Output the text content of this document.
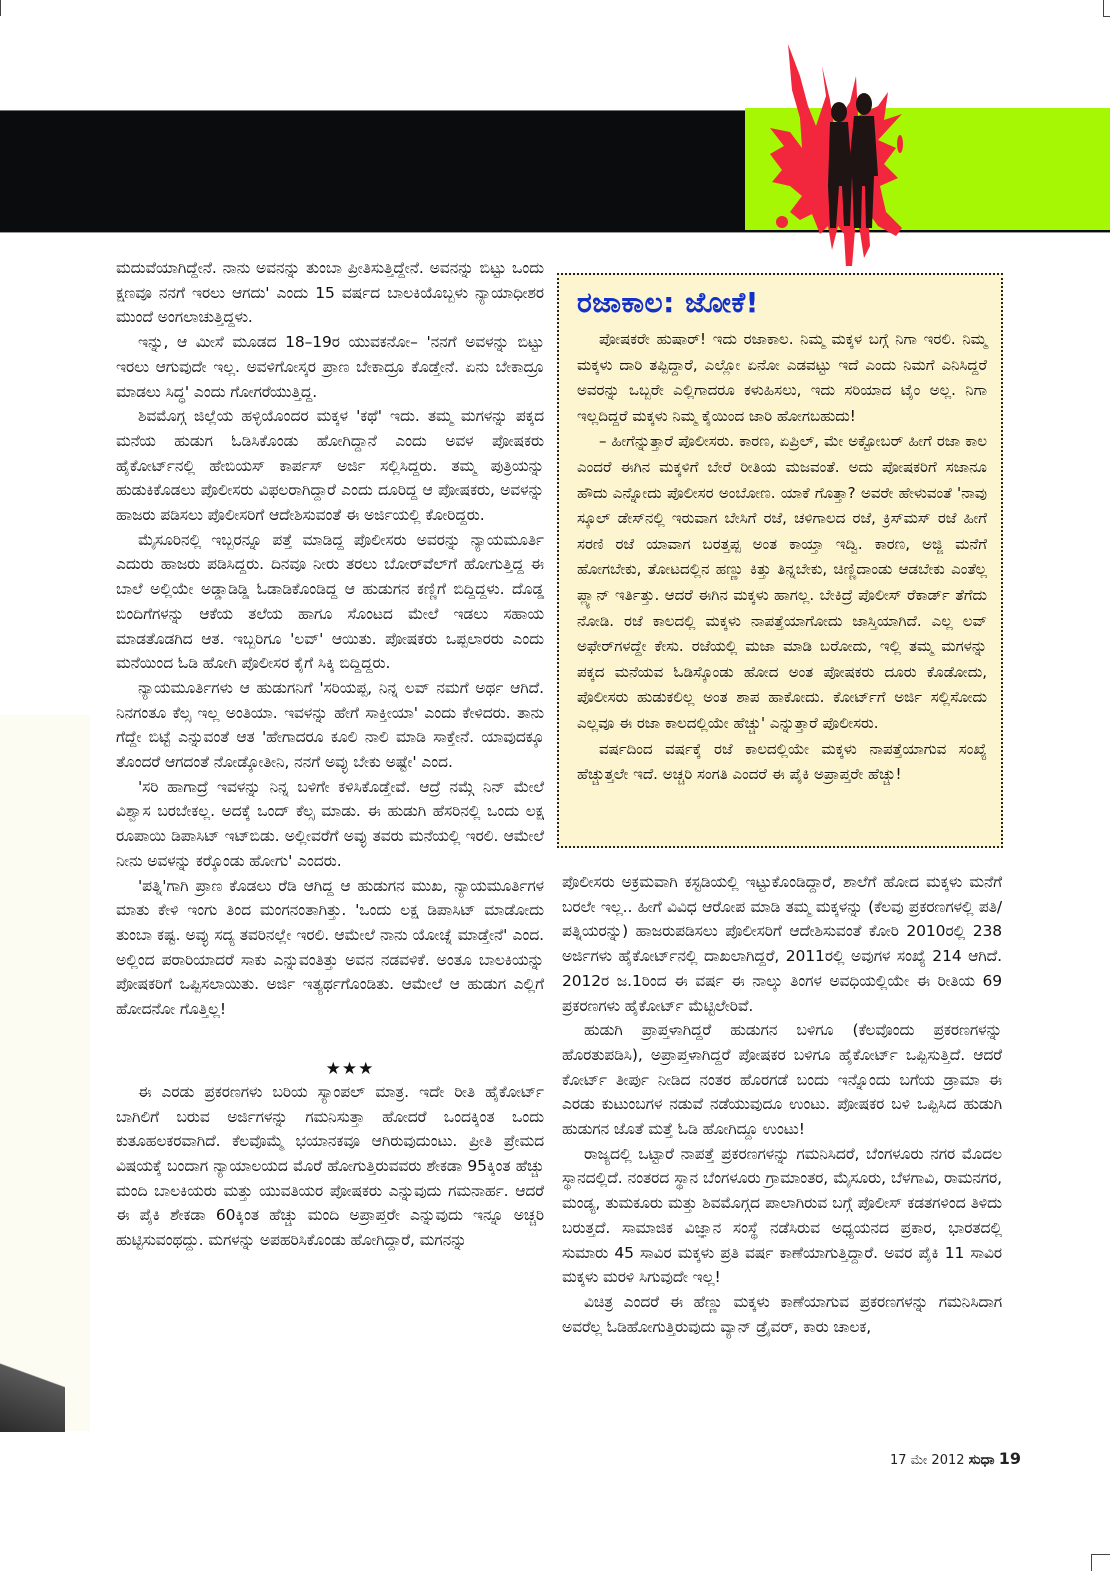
ಮದುವೆಯಾಗಿದ್ದೇನೆ. ನಾನು ಅವನನ್ನು ತುಂಬಾ ಪ್ರೀತಿಸುತ್ತಿದ್ದೇನೆ. ಅವನನ್ನು ಬಿಟ್ಟು ಒಂದು ಕ್ಷಣವೂ ನನಗೆ ಇರಲು ಆಗದು' ಎಂದು 15 ವರ್ಷದ ಬಾಲಕಿಯೊಬ್ಬಳು ನ್ಯಾಯಾಧೀಶರ ಮುಂದೆ ಅಂಗಲಾಚುತ್ತಿದ್ದಳು.

ಇನ್ನು, ಆ ಮೀಸೆ ಮೂಡದ 18–19ರ ಯುವಕನೋ– 'ನನಗೆ ಅವಳನ್ನು ಬಿಟ್ಟು ಇರಲು ಆಗುವುದೇ ಇಲ್ಲ. ಅವಳಿಗೋಸ್ಕರ ಪ್ರಾಣ ಬೇಕಾದ್ರೂ ಕೊಡ್ತೇನೆ. ಏನು ಬೇಕಾದ್ರೂ ಮಾಡಲು ಸಿದ್ಧ' ಎಂದು ಗೋಗರೆಯುತ್ತಿದ್ದ.

ಶಿವಮೊಗ್ಗ ಜಿಲ್ಲೆಯ ಹಳ್ಳಿಯೊಂದರ ಮಕ್ಕಳ 'ಕಥೆ' ಇದು. ತಮ್ಮ ಮಗಳನ್ನು ಪಕ್ಕದ ಮನೆಯ ಹುಡುಗ ಓಡಿಸಿಕೊಂಡು ಹೋಗಿದ್ದಾನೆ ಎಂದು ಅವಳ ಪೋಷಕರು ಹೈಕೋರ್ಟ್‌ನಲ್ಲಿ ಹೇಬಿಯಸ್ ಕಾರ್ಪಸ್ ಅರ್ಜಿ ಸಲ್ಲಿಸಿದ್ದರು. ತಮ್ಮ ಪುತ್ರಿಯನ್ನು ಹುಡುಕಿಕೊಡಲು ಪೊಲೀಸರು ವಿಫಲರಾಗಿದ್ದಾರೆ ಎಂದು ದೂರಿದ್ದ ಆ ಪೋಷಕರು, ಅವಳನ್ನು ಹಾಜರು ಪಡಿಸಲು ಪೊಲೀಸರಿಗೆ ಆದೇಶಿಸುವಂತೆ ಈ ಅರ್ಜಿಯಲ್ಲಿ ಕೋರಿದ್ದರು.

ಮೈಸೂರಿನಲ್ಲಿ ಇಬ್ಬರನ್ನೂ ಪತ್ತೆ ಮಾಡಿದ್ದ ಪೊಲೀಸರು ಅವರನ್ನು ನ್ಯಾಯಮೂರ್ತಿ ಎದುರು ಹಾಜರು ಪಡಿಸಿದ್ದರು. ದಿನವೂ ನೀರು ತರಲು ಬೋರ್‌ವೆಲ್‌ಗೆ ಹೋಗುತ್ತಿದ್ದ ಈ ಬಾಲೆ ಅಲ್ಲಿಯೇ ಅಡ್ಡಾಡಿಡ್ಡಿ ಓಡಾಡಿಕೊಂಡಿದ್ದ ಆ ಹುಡುಗನ ಕಣ್ಣಿಗೆ ಬಿದ್ದಿದ್ದಳು. ದೊಡ್ಡ ಬಿಂದಿಗೆಗಳನ್ನು ಆಕೆಯ ತಲೆಯ ಹಾಗೂ ಸೊಂಟದ ಮೇಲೆ ಇಡಲು ಸಹಾಯ ಮಾಡತೊಡಗಿದ ಆತ. ಇಬ್ಬರಿಗೂ 'ಲವ್' ಆಯಿತು. ಪೋಷಕರು ಒಪ್ಪಲಾರರು ಎಂದು ಮನೆಯಿಂದ ಓಡಿ ಹೋಗಿ ಪೊಲೀಸರ ಕೈಗೆ ಸಿಕ್ಕಿ ಬಿದ್ದಿದ್ದರು.

ನ್ಯಾಯಮೂರ್ತಿಗಳು ಆ ಹುಡುಗನಿಗೆ 'ಸರಿಯಪ್ಪ, ನಿನ್ನ ಲವ್ ನಮಗೆ ಅರ್ಥ ಆಗಿದೆ. ನಿನಗಂತೂ ಕೆಲ್ಸ ಇಲ್ಲ ಅಂತಿಯಾ. ಇವಳನ್ನು ಹೇಗೆ ಸಾಕ್ತೀಯಾ' ಎಂದು ಕೇಳಿದರು. ತಾನು ಗೆದ್ದೇ ಬಿಟ್ಟೆ ಎನ್ನುವಂತೆ ಆತ 'ಹೇಗಾದರೂ ಕೂಲಿ ನಾಲಿ ಮಾಡಿ ಸಾಕ್ತೇನೆ. ಯಾವುದಕ್ಕೂ ತೊಂದರೆ ಆಗದಂತೆ ನೋಡ್ಕೋತೀನಿ, ನನಗೆ ಅವ್ಳು ಬೇಕು ಅಷ್ಟೇ' ಎಂದ.

'ಸರಿ ಹಾಗಾದ್ರೆ ಇವಳನ್ನು ನಿನ್ನ ಬಳಿಗೇ ಕಳಿಸಿಕೊಡ್ತೇವೆ. ಆದ್ರೆ ನಮ್ಗೆ ನಿನ್ ಮೇಲೆ ವಿಶ್ವಾಸ ಬರಬೇಕಲ್ಲ. ಅದಕ್ಕೆ ಒಂದ್ ಕೆಲ್ಸ ಮಾಡು. ಈ ಹುಡುಗಿ ಹೆಸರಿನಲ್ಲಿ ಒಂದು ಲಕ್ಷ ರೂಪಾಯಿ ಡಿಪಾಸಿಟ್ ಇಟ್‌ಬಿಡು. ಅಲ್ಲೀವರೆಗೆ ಅವ್ಳು ತವರು ಮನೆಯಲ್ಲಿ ಇರಲಿ. ಆಮೇಲೆ ನೀನು ಅವಳನ್ನು ಕರ್‍ಕೊಂಡು ಹೋಗು' ಎಂದರು.

'ಪತ್ನಿ'ಗಾಗಿ ಪ್ರಾಣ ಕೊಡಲು ರೆಡಿ ಆಗಿದ್ದ ಆ ಹುಡುಗನ ಮುಖ, ನ್ಯಾಯಮೂರ್ತಿಗಳ ಮಾತು ಕೇಳಿ ಇಂಗು ತಿಂದ ಮಂಗನಂತಾಗಿತ್ತು. 'ಒಂದು ಲಕ್ಷ ಡಿಪಾಸಿಟ್ ಮಾಡೋದು ತುಂಬಾ ಕಷ್ಟ. ಅವ್ಳು ಸದ್ಯ ತವರಿನಲ್ಲೇ ಇರಲಿ. ಆಮೇಲೆ ನಾನು ಯೋಚ್ನೆ ಮಾಡ್ತೇನೆ' ಎಂದ. ಅಲ್ಲಿಂದ ಪರಾರಿಯಾದರೆ ಸಾಕು ಎನ್ನುವಂತಿತ್ತು ಅವನ ನಡವಳಿಕೆ. ಅಂತೂ ಬಾಲಕಿಯನ್ನು ಪೋಷಕರಿಗೆ ಒಪ್ಪಿಸಲಾಯಿತು. ಅರ್ಜಿ ಇತ್ಯರ್ಥಗೊಂಡಿತು. ಆಮೇಲೆ ಆ ಹುಡುಗ ಎಲ್ಲಿಗೆ ಹೋದನೋ ಗೊತ್ತಿಲ್ಲ!

★★★

ಈ ಎರಡು ಪ್ರಕರಣಗಳು ಬರಿಯ ಸ್ಯಾಂಪಲ್ ಮಾತ್ರ. ಇದೇ ರೀತಿ ಹೈಕೋರ್ಟ್ ಬಾಗಿಲಿಗೆ ಬರುವ ಅರ್ಜಿಗಳನ್ನು ಗಮನಿಸುತ್ತಾ ಹೋದರೆ ಒಂದಕ್ಕಿಂತ ಒಂದು ಕುತೂಹಲಕರವಾಗಿದೆ. ಕೆಲವೊಮ್ಮೆ ಭಯಾನಕವೂ ಆಗಿರುವುದುಂಟು. ಪ್ರೀತಿ ಪ್ರೇಮದ ವಿಷಯಕ್ಕೆ ಬಂದಾಗ ನ್ಯಾಯಾಲಯದ ಮೊರೆ ಹೋಗುತ್ತಿರುವವರು ಶೇಕಡಾ 95ಕ್ಕಿಂತ ಹೆಚ್ಚು ಮಂದಿ ಬಾಲಕಿಯರು ಮತ್ತು ಯುವತಿಯರ ಪೋಷಕರು ಎನ್ನುವುದು ಗಮನಾರ್ಹ. ಆದರೆ ಈ ಪೈಕಿ ಶೇಕಡಾ 60ಕ್ಕಿಂತ ಹೆಚ್ಚು ಮಂದಿ ಅಪ್ರಾಪ್ತರೇ ಎನ್ನುವುದು ಇನ್ನೂ ಅಚ್ಚರಿ ಹುಟ್ಟಿಸುವಂಥದ್ದು. ಮಗಳನ್ನು ಅಪಹರಿಸಿಕೊಂಡು ಹೋಗಿದ್ದಾರೆ, ಮಗನನ್ನು

ರಜಾಕಾಲ: ಜೋಕೆ!

ಪೋಷಕರೇ ಹುಷಾರ್! ಇದು ರಜಾಕಾಲ. ನಿಮ್ಮ ಮಕ್ಕಳ ಬಗ್ಗೆ ನಿಗಾ ಇರಲಿ. ನಿಮ್ಮ ಮಕ್ಕಳು ದಾರಿ ತಪ್ಪಿದ್ದಾರೆ, ಎಲ್ಲೋ ಏನೋ ಎಡವಟ್ಟು ಇದೆ ಎಂದು ನಿಮಗೆ ಎನಿಸಿದ್ದರೆ ಅವರನ್ನು ಒಬ್ಬರೇ ಎಲ್ಲಿಗಾದರೂ ಕಳುಹಿಸಲು, ಇದು ಸರಿಯಾದ ಟೈಂ ಅಲ್ಲ. ನಿಗಾ ಇಲ್ಲದಿದ್ದರೆ ಮಕ್ಕಳು ನಿಮ್ಮ ಕೈಯಿಂದ ಜಾರಿ ಹೋಗಬಹುದು!

– ಹೀಗೆನ್ನುತ್ತಾರೆ ಪೊಲೀಸರು. ಕಾರಣ, ಏಪ್ರಿಲ್, ಮೇ ಅಕ್ಟೋಬರ್ ಹೀಗೆ ರಜಾ ಕಾಲ ಎಂದರೆ ಈಗಿನ ಮಕ್ಕಳಿಗೆ ಬೇರೆ ರೀತಿಯ ಮಜವಂತೆ. ಅದು ಪೋಷಕರಿಗೆ ಸಜಾನೂ ಹೌದು ಎನ್ನೋದು ಪೊಲೀಸರ ಅಂಬೋಣ. ಯಾಕೆ ಗೊತ್ತಾ? ಅವರೇ ಹೇಳುವಂತೆ 'ನಾವು ಸ್ಕೂಲ್ ಡೇಸ್‌ನಲ್ಲಿ ಇರುವಾಗ ಬೇಸಿಗೆ ರಜೆ, ಚಳಿಗಾಲದ ರಜೆ, ಕ್ರಿಸ್‌ಮಸ್ ರಜೆ ಹೀಗೆ ಸರಣಿ ರಜೆ ಯಾವಾಗ ಬರತ್ತಪ್ಪ ಅಂತ ಕಾಯ್ತಾ ಇದ್ವಿ. ಕಾರಣ, ಅಜ್ಜಿ ಮನೆಗೆ ಹೋಗಬೇಕು, ತೋಟದಲ್ಲಿನ ಹಣ್ಣು ಕಿತ್ತು ತಿನ್ನಬೇಕು, ಚಿಣ್ಣಿದಾಂಡು ಆಡಬೇಕು ಎಂತೆಲ್ಲ ಪ್ಲ್ಯಾನ್ ಇರ್ತಿತ್ತು. ಆದರೆ ಈಗಿನ ಮಕ್ಕಳು ಹಾಗಲ್ಲ. ಬೇಕಿದ್ರೆ ಪೊಲೀಸ್ ರೆಕಾರ್ಡ್ ತೆಗೆದು ನೋಡಿ. ರಜೆ ಕಾಲದಲ್ಲಿ ಮಕ್ಕಳು ನಾಪತ್ತೆಯಾಗೋದು ಜಾಸ್ತಿಯಾಗಿದೆ. ಎಲ್ಲ ಲವ್ ಅಫೇರ್‌ಗಳದ್ದೇ ಕೇಸು. ರಜೆಯಲ್ಲಿ ಮಜಾ ಮಾಡಿ ಬರೋದು, ಇಲ್ಲಿ ತಮ್ಮ ಮಗಳನ್ನು ಪಕ್ಕದ ಮನೆಯವ ಓಡಿಸ್ಕೊಂಡು ಹೋದ ಅಂತ ಪೋಷಕರು ದೂರು ಕೊಡೋದು, ಪೊಲೀಸರು ಹುಡುಕಲಿಲ್ಲ ಅಂತ ಶಾಪ ಹಾಕೋದು. ಕೋರ್ಟ್‌ಗೆ ಅರ್ಜಿ ಸಲ್ಲಿಸೋದು ಎಲ್ಲವೂ ಈ ರಜಾ ಕಾಲದಲ್ಲಿಯೇ ಹೆಚ್ಚು' ಎನ್ನುತ್ತಾರೆ ಪೊಲೀಸರು.

ವರ್ಷದಿಂದ ವರ್ಷಕ್ಕೆ ರಜೆ ಕಾಲದಲ್ಲಿಯೇ ಮಕ್ಕಳು ನಾಪತ್ತೆಯಾಗುವ ಸಂಖ್ಯೆ ಹೆಚ್ಚುತ್ತಲೇ ಇದೆ. ಅಚ್ಚರಿ ಸಂಗತಿ ಎಂದರೆ ಈ ಪೈಕಿ ಅಪ್ರಾಪ್ತರೇ ಹೆಚ್ಚು!

ಪೊಲೀಸರು ಅಕ್ರಮವಾಗಿ ಕಸ್ಟಡಿಯಲ್ಲಿ ಇಟ್ಟುಕೊಂಡಿದ್ದಾರೆ, ಶಾಲೆಗೆ ಹೋದ ಮಕ್ಕಳು ಮನೆಗೆ ಬರಲೇ ಇಲ್ಲ.. ಹೀಗೆ ವಿವಿಧ ಆರೋಪ ಮಾಡಿ ತಮ್ಮ ಮಕ್ಕಳನ್ನು (ಕೆಲವು ಪ್ರಕರಣಗಳಲ್ಲಿ ಪತಿ/ ಪತ್ನಿಯರನ್ನು) ಹಾಜರುಪಡಿಸಲು ಪೊಲೀಸರಿಗೆ ಆದೇಶಿಸುವಂತೆ ಕೋರಿ 2010ರಲ್ಲಿ 238 ಅರ್ಜಿಗಳು ಹೈಕೋರ್ಟ್‌ನಲ್ಲಿ ದಾಖಲಾಗಿದ್ದರೆ, 2011ರಲ್ಲಿ ಅವುಗಳ ಸಂಖ್ಯೆ 214 ಆಗಿದೆ. 2012ರ ಜ.1ರಿಂದ ಈ ವರ್ಷ ಈ ನಾಲ್ಕು ತಿಂಗಳ ಅವಧಿಯಲ್ಲಿಯೇ ಈ ರೀತಿಯ 69 ಪ್ರಕರಣಗಳು ಹೈಕೋರ್ಟ್ ಮೆಟ್ಟಿಲೇರಿವೆ.

ಹುಡುಗಿ ಪ್ರಾಪ್ತಳಾಗಿದ್ದರೆ ಹುಡುಗನ ಬಳಿಗೂ (ಕೆಲವೊಂದು ಪ್ರಕರಣಗಳನ್ನು ಹೊರತುಪಡಿಸಿ), ಅಪ್ರಾಪ್ತಳಾಗಿದ್ದರೆ ಪೋಷಕರ ಬಳಿಗೂ ಹೈಕೋರ್ಟ್ ಒಪ್ಪಿಸುತ್ತಿದೆ. ಆದರೆ ಕೋರ್ಟ್ ತೀರ್ಪು ನೀಡಿದ ನಂತರ ಹೊರಗಡೆ ಬಂದು ಇನ್ನೊಂದು ಬಗೆಯ ಡ್ರಾಮಾ ಈ ಎರಡು ಕುಟುಂಬಗಳ ನಡುವೆ ನಡೆಯುವುದೂ ಉಂಟು. ಪೋಷಕರ ಬಳಿ ಒಪ್ಪಿಸಿದ ಹುಡುಗಿ ಹುಡುಗನ ಜೊತೆ ಮತ್ತೆ ಓಡಿ ಹೋಗಿದ್ದೂ ಉಂಟು!

ರಾಜ್ಯದಲ್ಲಿ ಒಟ್ಟಾರೆ ನಾಪತ್ತೆ ಪ್ರಕರಣಗಳನ್ನು ಗಮನಿಸಿದರೆ, ಬೆಂಗಳೂರು ನಗರ ಮೊದಲ ಸ್ಥಾನದಲ್ಲಿದೆ. ನಂತರದ ಸ್ಥಾನ ಬೆಂಗಳೂರು ಗ್ರಾಮಾಂತರ, ಮೈಸೂರು, ಬೆಳಗಾವಿ, ರಾಮನಗರ, ಮಂಡ್ಯ, ತುಮಕೂರು ಮತ್ತು ಶಿವಮೊಗ್ಗದ ಪಾಲಾಗಿರುವ ಬಗ್ಗೆ ಪೊಲೀಸ್ ಕಡತಗಳಿಂದ ತಿಳಿದು ಬರುತ್ತದೆ. ಸಾಮಾಜಿಕ ವಿಜ್ಞಾನ ಸಂಸ್ಥೆ ನಡೆಸಿರುವ ಅಧ್ಯಯನದ ಪ್ರಕಾರ, ಭಾರತದಲ್ಲಿ ಸುಮಾರು 45 ಸಾವಿರ ಮಕ್ಕಳು ಪ್ರತಿ ವರ್ಷ ಕಾಣೆಯಾಗುತ್ತಿದ್ದಾರೆ. ಅವರ ಪೈಕಿ 11 ಸಾವಿರ ಮಕ್ಕಳು ಮರಳಿ ಸಿಗುವುದೇ ಇಲ್ಲ!

ವಿಚಿತ್ರ ಎಂದರೆ ಈ ಹೆಣ್ಣು ಮಕ್ಕಳು ಕಾಣೆಯಾಗುವ ಪ್ರಕರಣಗಳನ್ನು ಗಮನಿಸಿದಾಗ ಅವರೆಲ್ಲ ಓಡಿಹೋಗುತ್ತಿರುವುದು ವ್ಯಾನ್ ಡ್ರೈವರ್, ಕಾರು ಚಾಲಕ,

17 ಮೇ 2012 ಸುಧಾ 19
